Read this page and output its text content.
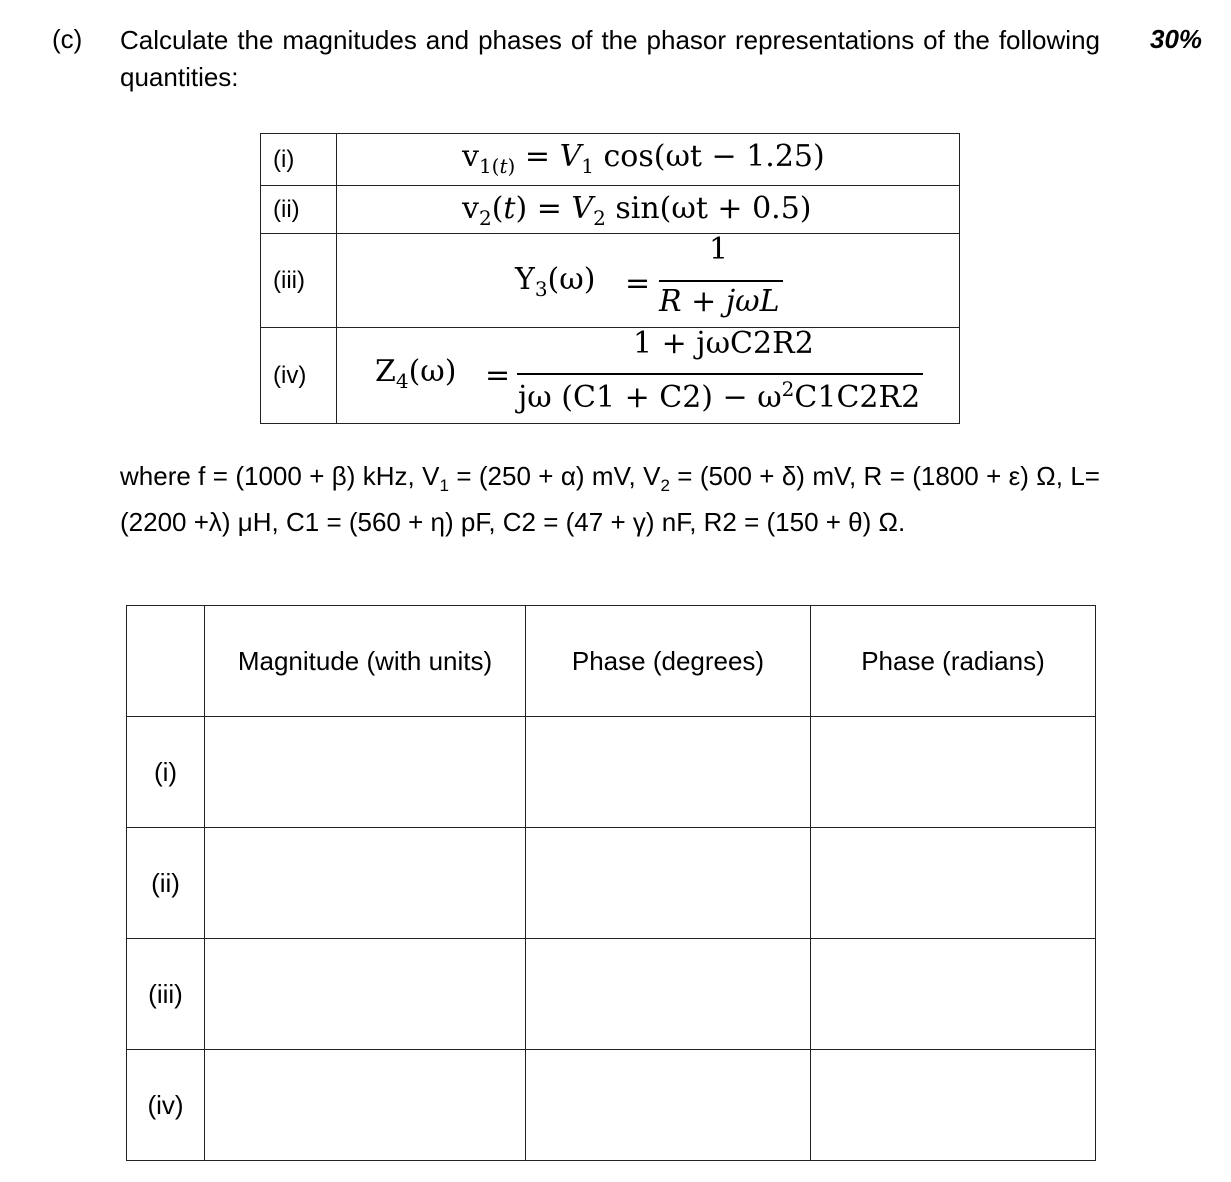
(c) Calculate the magnitudes and phases of the phasor representations of the following quantities:
30%
(i)	$v_{1(t)} = V_1$ cos(ωt − 1.25)

(ii)	$v_2(t) = V_2$ sin(ωt + 0.5)

(iii)	$Y_3(\omega)$ =
1
R + jωL

(iv)	$Z_4(\omega)$ =
1 + jωC2R2
jω $(C1 + C2) - \omega^2C1C2R2$
where f = (1000 + β) kHz, $V_1 = (250 + \alpha)$ mV, $V_2 = (500 + \delta)$ mV, R = (1800 + ε) Ω, L= (2200 +λ) μH, C1 = (560 + η) pF, C2 = (47 + γ) nF, R2 = (150 + θ) Ω.
	Magnitude (with units)	Phase (degrees)	Phase (radians)
(i)			
(ii)			
(iii)			
(iv)			
